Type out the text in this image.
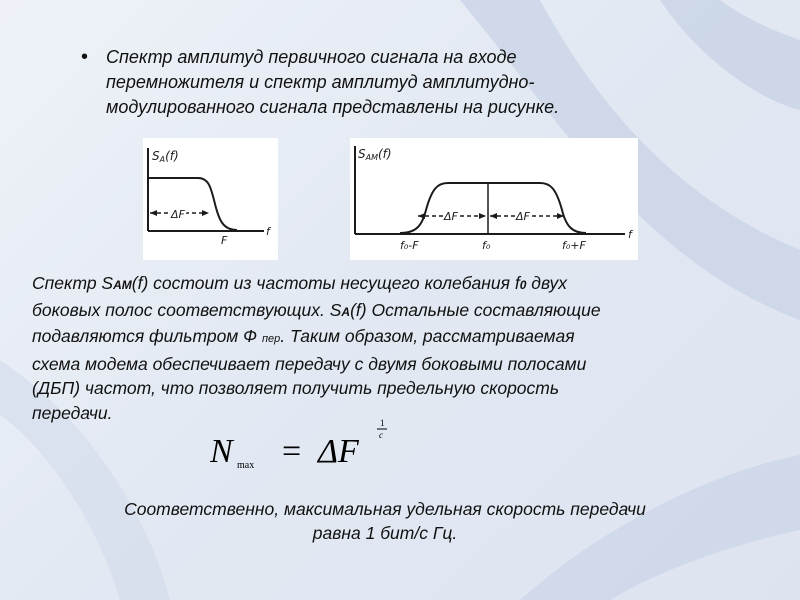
• Спектр амплитуд первичного сигнала на входе
перемножителя и спектр амплитуд амплитудно-
модулированного сигнала представлены на рисунке.
SA(f)
ΔF
F
f
SAM(f)
ΔF	ΔF
f₀-F	f₀	f₀+F
f

Спектр SAM(f) состоит из частоты несущего колебания f0 двух

боковых полос соответствующих. SA(f) Остальные составляющие

подавляются фильтром Ф пер. Таким образом, рассматриваемая

схема модема обеспечивает передачу с двумя боковыми полосами

(ДБП) частот, что позволяет получить предельную скорость

передачи.

N max = ΔF
1
c

Соответственно, максимальная удельная скорость передачи

равна 1 бит/с Гц.
